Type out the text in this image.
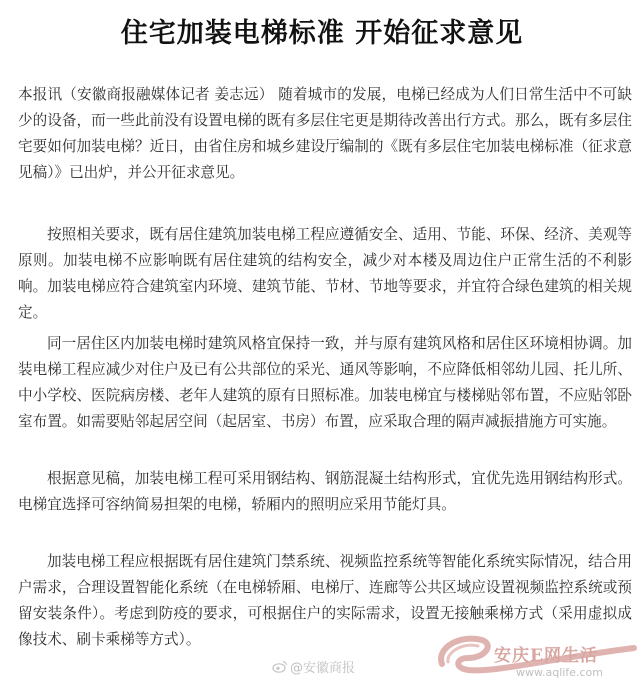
住宅加装电梯标准 开始征求意见

本报讯（安徽商报融媒体记者 姜志远） 随着城市的发展，电梯已经成为人们日常生活中不可缺少的设备，而一些此前没有设置电梯的既有多层住宅更是期待改善出行方式。那么，既有多层住宅要如何加装电梯？近日，由省住房和城乡建设厅编制的《既有多层住宅加装电梯标准（征求意见稿）》已出炉，并公开征求意见。

按照相关要求，既有居住建筑加装电梯工程应遵循安全、适用、节能、环保、经济、美观等原则。加装电梯不应影响既有居住建筑的结构安全，减少对本楼及周边住户正常生活的不利影响。加装电梯应符合建筑室内环境、建筑节能、节材、节地等要求，并宜符合绿色建筑的相关规定。

同一居住区内加装电梯时建筑风格宜保持一致，并与原有建筑风格和居住区环境相协调。加装电梯工程应减少对住户及已有公共部位的采光、通风等影响，不应降低相邻幼儿园、托儿所、中小学校、医院病房楼、老年人建筑的原有日照标准。加装电梯宜与楼梯贴邻布置，不应贴邻卧室布置。如需要贴邻起居空间（起居室、书房）布置，应采取合理的隔声减振措施方可实施。

根据意见稿，加装电梯工程可采用钢结构、钢筋混凝土结构形式，宜优先选用钢结构形式。电梯宜选择可容纳简易担架的电梯，轿厢内的照明应采用节能灯具。

加装电梯工程应根据既有居住建筑门禁系统、视频监控系统等智能化系统实际情况，结合用户需求，合理设置智能化系统（在电梯轿厢、电梯厅、连廊等公共区域应设置视频监控系统或预留安装条件）。考虑到防疫的要求，可根据住户的实际需求，设置无接触乘梯方式（采用虚拟成像技术、刷卡乘梯等方式）。

@安徽商报
安庆E网生活
www.aqlife.com
